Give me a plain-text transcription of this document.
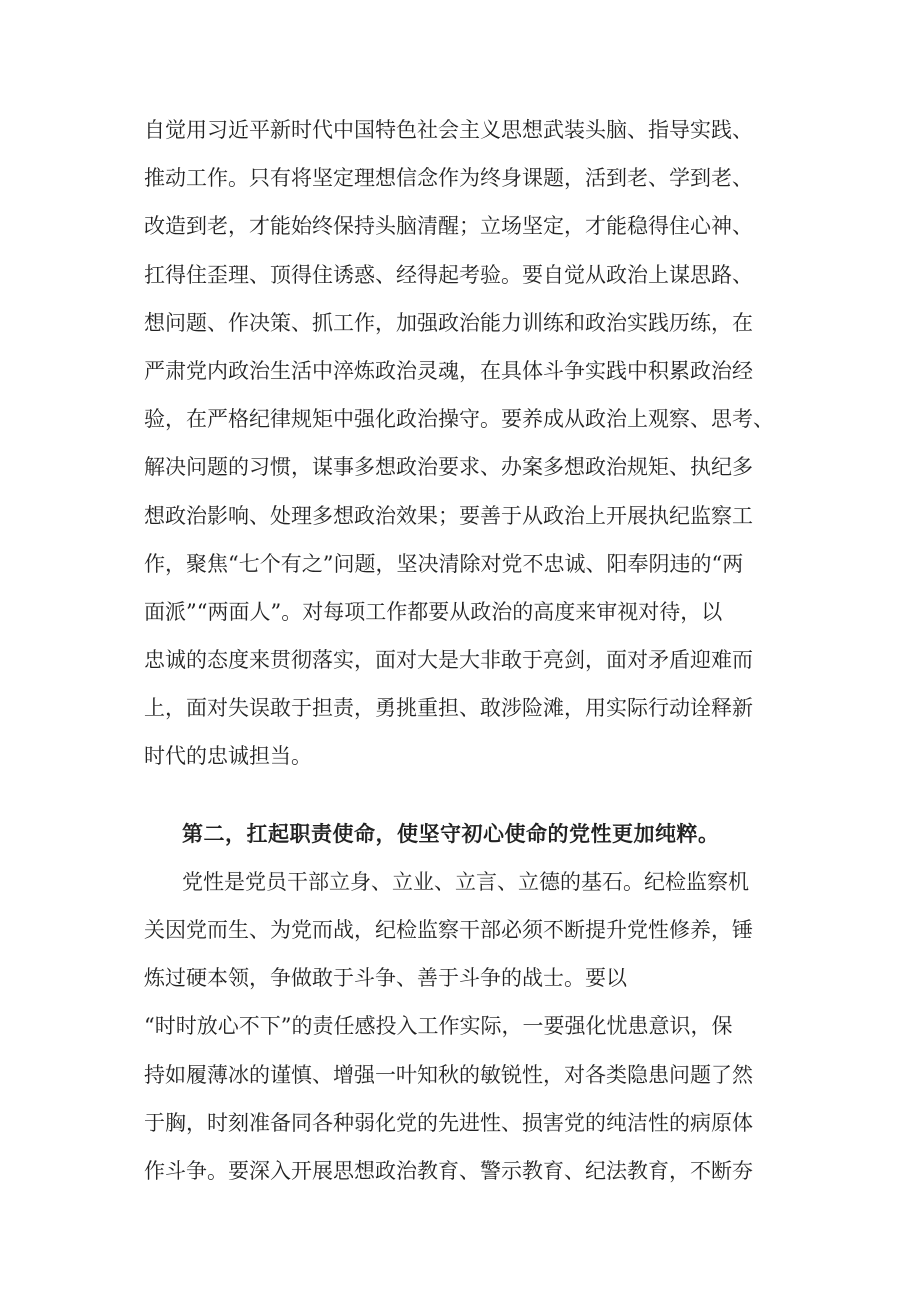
自觉用习近平新时代中国特色社会主义思想武装头脑、指导实践、
推动工作。只有将坚定理想信念作为终身课题，活到老、学到老、
改造到老，才能始终保持头脑清醒；立场坚定，才能稳得住心神、
扛得住歪理、顶得住诱惑、经得起考验。要自觉从政治上谋思路、
想问题、作决策、抓工作，加强政治能力训练和政治实践历练，在
严肃党内政治生活中淬炼政治灵魂，在具体斗争实践中积累政治经
验，在严格纪律规矩中强化政治操守。要养成从政治上观察、思考、
解决问题的习惯，谋事多想政治要求、办案多想政治规矩、执纪多
想政治影响、处理多想政治效果；要善于从政治上开展执纪监察工
作，聚焦“七个有之”问题，坚决清除对党不忠诚、阳奉阴违的“两
面派”“两面人”。对每项工作都要从政治的高度来审视对待，以
忠诚的态度来贯彻落实，面对大是大非敢于亮剑，面对矛盾迎难而
上，面对失误敢于担责，勇挑重担、敢涉险滩，用实际行动诠释新
时代的忠诚担当。
第二，扛起职责使命，使坚守初心使命的党性更加纯粹。
党性是党员干部立身、立业、立言、立德的基石。纪检监察机
关因党而生、为党而战，纪检监察干部必须不断提升党性修养，锤
炼过硬本领，争做敢于斗争、善于斗争的战士。要以
“时时放心不下”的责任感投入工作实际，一要强化忧患意识，保
持如履薄冰的谨慎、增强一叶知秋的敏锐性，对各类隐患问题了然
于胸，时刻准备同各种弱化党的先进性、损害党的纯洁性的病原体
作斗争。要深入开展思想政治教育、警示教育、纪法教育，不断夯
